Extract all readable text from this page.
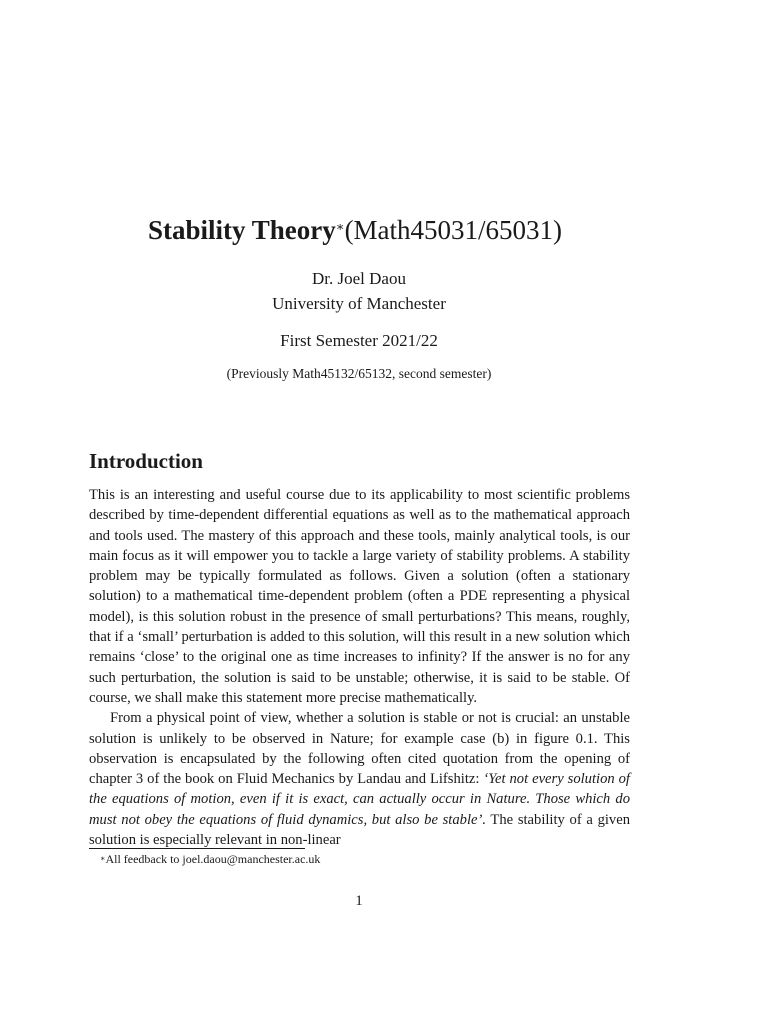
Stability Theory∗(Math45031/65031)
Dr. Joel Daou
University of Manchester
First Semester 2021/22
(Previously Math45132/65132, second semester)
Introduction

This is an interesting and useful course due to its applicability to most scientific problems described by time-dependent differential equations as well as to the mathematical approach and tools used. The mastery of this approach and these tools, mainly analytical tools, is our main focus as it will empower you to tackle a large variety of stability problems. A stability problem may be typically formulated as follows. Given a solution (often a stationary solution) to a mathematical time-dependent problem (often a PDE representing a physical model), is this solution robust in the presence of small perturbations? This means, roughly, that if a ‘small’ perturbation is added to this solution, will this result in a new solution which remains ‘close’ to the original one as time increases to infinity? If the answer is no for any such perturbation, the solution is said to be unstable; otherwise, it is said to be stable. Of course, we shall make this statement more precise mathematically.

From a physical point of view, whether a solution is stable or not is crucial: an unstable solution is unlikely to be observed in Nature; for example case (b) in figure 0.1. This observation is encapsulated by the following often cited quotation from the opening of chapter 3 of the book on Fluid Mechanics by Landau and Lifshitz: ‘Yet not every solution of the equations of motion, even if it is exact, can actually occur in Nature. Those which do must not obey the equations of fluid dynamics, but also be stable’. The stability of a given solution is especially relevant in non-linear

∗All feedback to joel.daou@manchester.ac.uk
1
